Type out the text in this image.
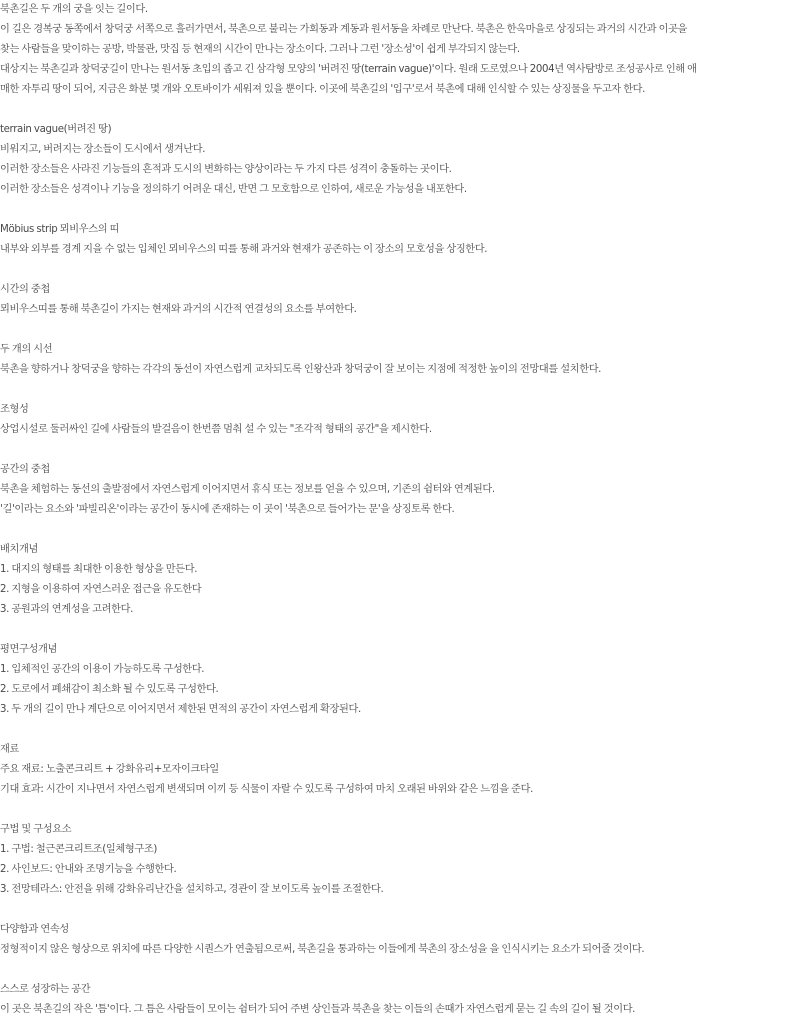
북촌길은 두 개의 궁을 잇는 길이다.
이 길은 경복궁 동쪽에서 창덕궁 서쪽으로 흘러가면서, 북촌으로 불리는 가회동과 계동과 원서동을 차례로 만난다. 북촌은 한옥마을로 상징되는 과거의 시간과 이곳을
찾는 사람들을 맞이하는 공방, 박물관, 맛집 등 현재의 시간이 만나는 장소이다. 그러나 그런 '장소성'이 쉽게 부각되지 않는다.
대상지는 북촌길과 창덕궁길이 만나는 원서동 초입의 좁고 긴 삼각형 모양의 '버려진 땅(terrain vague)'이다. 원래 도로였으나 2004년 역사탐방로 조성공사로 인해 애
매한 자투리 땅이 되어, 지금은 화분 몇 개와 오토바이가 세워져 있을 뿐이다. 이곳에 북촌길의 '입구'로서 북촌에 대해 인식할 수 있는 상징물을 두고자 한다.
terrain vague(버려진 땅)
비워지고, 버려지는 장소들이 도시에서 생겨난다.
이러한 장소들은 사라진 기능들의 흔적과 도시의 변화하는 양상이라는 두 가지 다른 성격이 충돌하는 곳이다.
이러한 장소들은 성격이나 기능을 정의하기 어려운 대신, 반면 그 모호함으로 인하여, 새로운 가능성을 내포한다.
Möbius strip 뫼비우스의 띠
내부와 외부를 경계 지을 수 없는 입체인 뫼비우스의 띠를 통해 과거와 현재가 공존하는 이 장소의 모호성을 상징한다.
시간의 중첩
뫼비우스띠를 통해 북촌길이 가지는 현재와 과거의 시간적 연결성의 요소를 부여한다.
두 개의 시선
북촌을 향하거나 창덕궁을 향하는 각각의 동선이 자연스럽게 교차되도록 인왕산과 창덕궁이 잘 보이는 지점에 적정한 높이의 전망대를 설치한다.
조형성
상업시설로 둘러싸인 길에 사람들의 발걸음이 한번쯤 멈춰 설 수 있는 "조각적 형태의 공간"을 제시한다.
공간의 중첩
북촌을 체험하는 동선의 출발점에서 자연스럽게 이어지면서 휴식 또는 정보를 얻을 수 있으며, 기존의 쉼터와 연계된다.
'길'이라는 요소와 '파빌리온'이라는 공간이 동시에 존재하는 이 곳이 '북촌으로 들어가는 문'을 상징토록 한다.
배치개념
1. 대지의 형태를 최대한 이용한 형상을 만든다.
2. 지형을 이용하여 자연스러운 접근을 유도한다
3. 공원과의 연계성을 고려한다.
평면구성개념
1. 입체적인 공간의 이용이 가능하도록 구성한다.
2. 도로에서 폐쇄감이 최소화 될 수 있도록 구성한다.
3. 두 개의 길이 만나 계단으로 이어지면서 제한된 면적의 공간이 자연스럽게 확장된다.
재료
주요 재료: 노출콘크리트 + 강화유리+모자이크타일
기대 효과: 시간이 지나면서 자연스럽게 변색되며 이끼 등 식물이 자랄 수 있도록 구성하여 마치 오래된 바위와 같은 느낌을 준다.
구법 및 구성요소
1. 구법: 철근콘크리트조(일체형구조)
2. 사인보드: 안내와 조명기능을 수행한다.
3. 전망테라스: 안전을 위해 강화유리난간을 설치하고, 경관이 잘 보이도록 높이를 조절한다.
다양함과 연속성
정형적이지 않은 형상으로 위치에 따른 다양한 시퀀스가 연출됨으로써, 북촌길을 통과하는 이들에게 북촌의 장소성을 을 인식시키는 요소가 되어줄 것이다.
스스로 성장하는 공간
이 곳은 북촌길의 작은 '틈'이다. 그 틈은 사람들이 모이는 쉼터가 되어 주변 상인들과 북촌을 찾는 이들의 손때가 자연스럽게 묻는 길 속의 길이 될 것이다.
